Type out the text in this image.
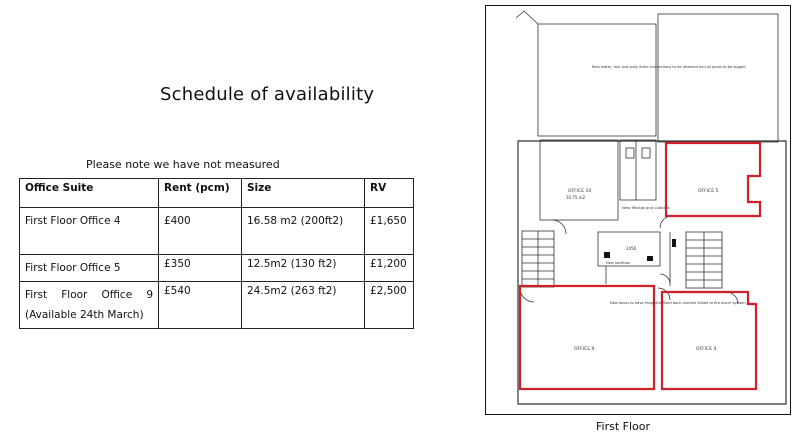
Schedule of availability
Please note we have not measured
Office Suite	Rent (pcm)	Size	RV
First Floor Office 4	£400	16.58 m2 (200ft2)	£1,650
First Floor Office 5	£350	12.5m2 (130 ft2)	£1,200
First Floor Office 9 (Available 24th March)	£540	24.5m2 (263 ft2)	£2,500
OFFICE 10
10.75 m2
OFFICE 5
OFFICE 9	OFFICE 4
New fittings and cubicles
New doors to have magnetic fixed back catches linked to fire alarm system
New partition
1450
Rain water, foul and gully drain connections to be retained and all pipes to be lagged
First Floor
